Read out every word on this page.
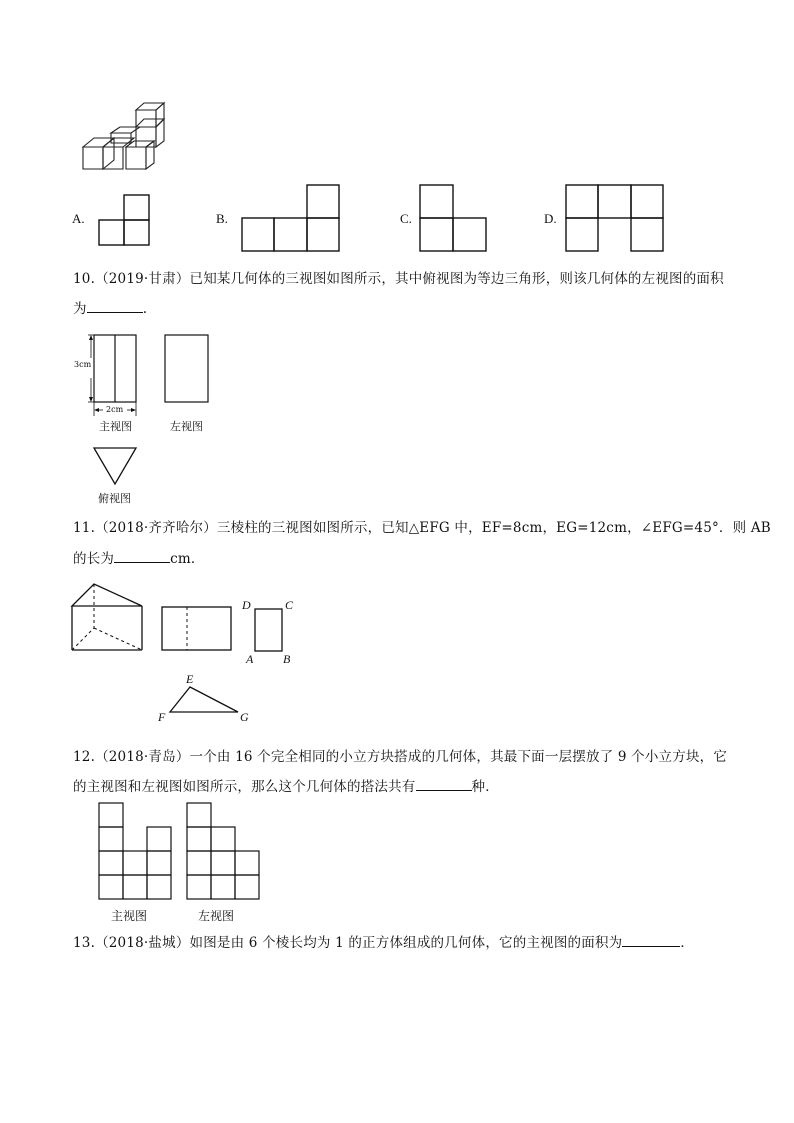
A.	B.	C.	D.
10.（2019·甘肃）已知某几何体的三视图如图所示，其中俯视图为等边三角形，则该几何体的左视图的面积
为	.
3cm
2cm
主视图	左视图
俯视图
11.（2018·齐齐哈尔）三棱柱的三视图如图所示，已知△EFG 中，EF=8cm，EG=12cm，∠EFG=45°．则 AB
的长为	cm．
D	C
A B
E
F	G
12.（2018·青岛）一个由 16 个完全相同的小立方块搭成的几何体，其最下面一层摆放了 9 个小立方块，它
的主视图和左视图如图所示，那么这个几何体的搭法共有	种．
主视图	左视图
13.（2018·盐城）如图是由 6 个棱长均为 1 的正方体组成的几何体，它的主视图的面积为	．
